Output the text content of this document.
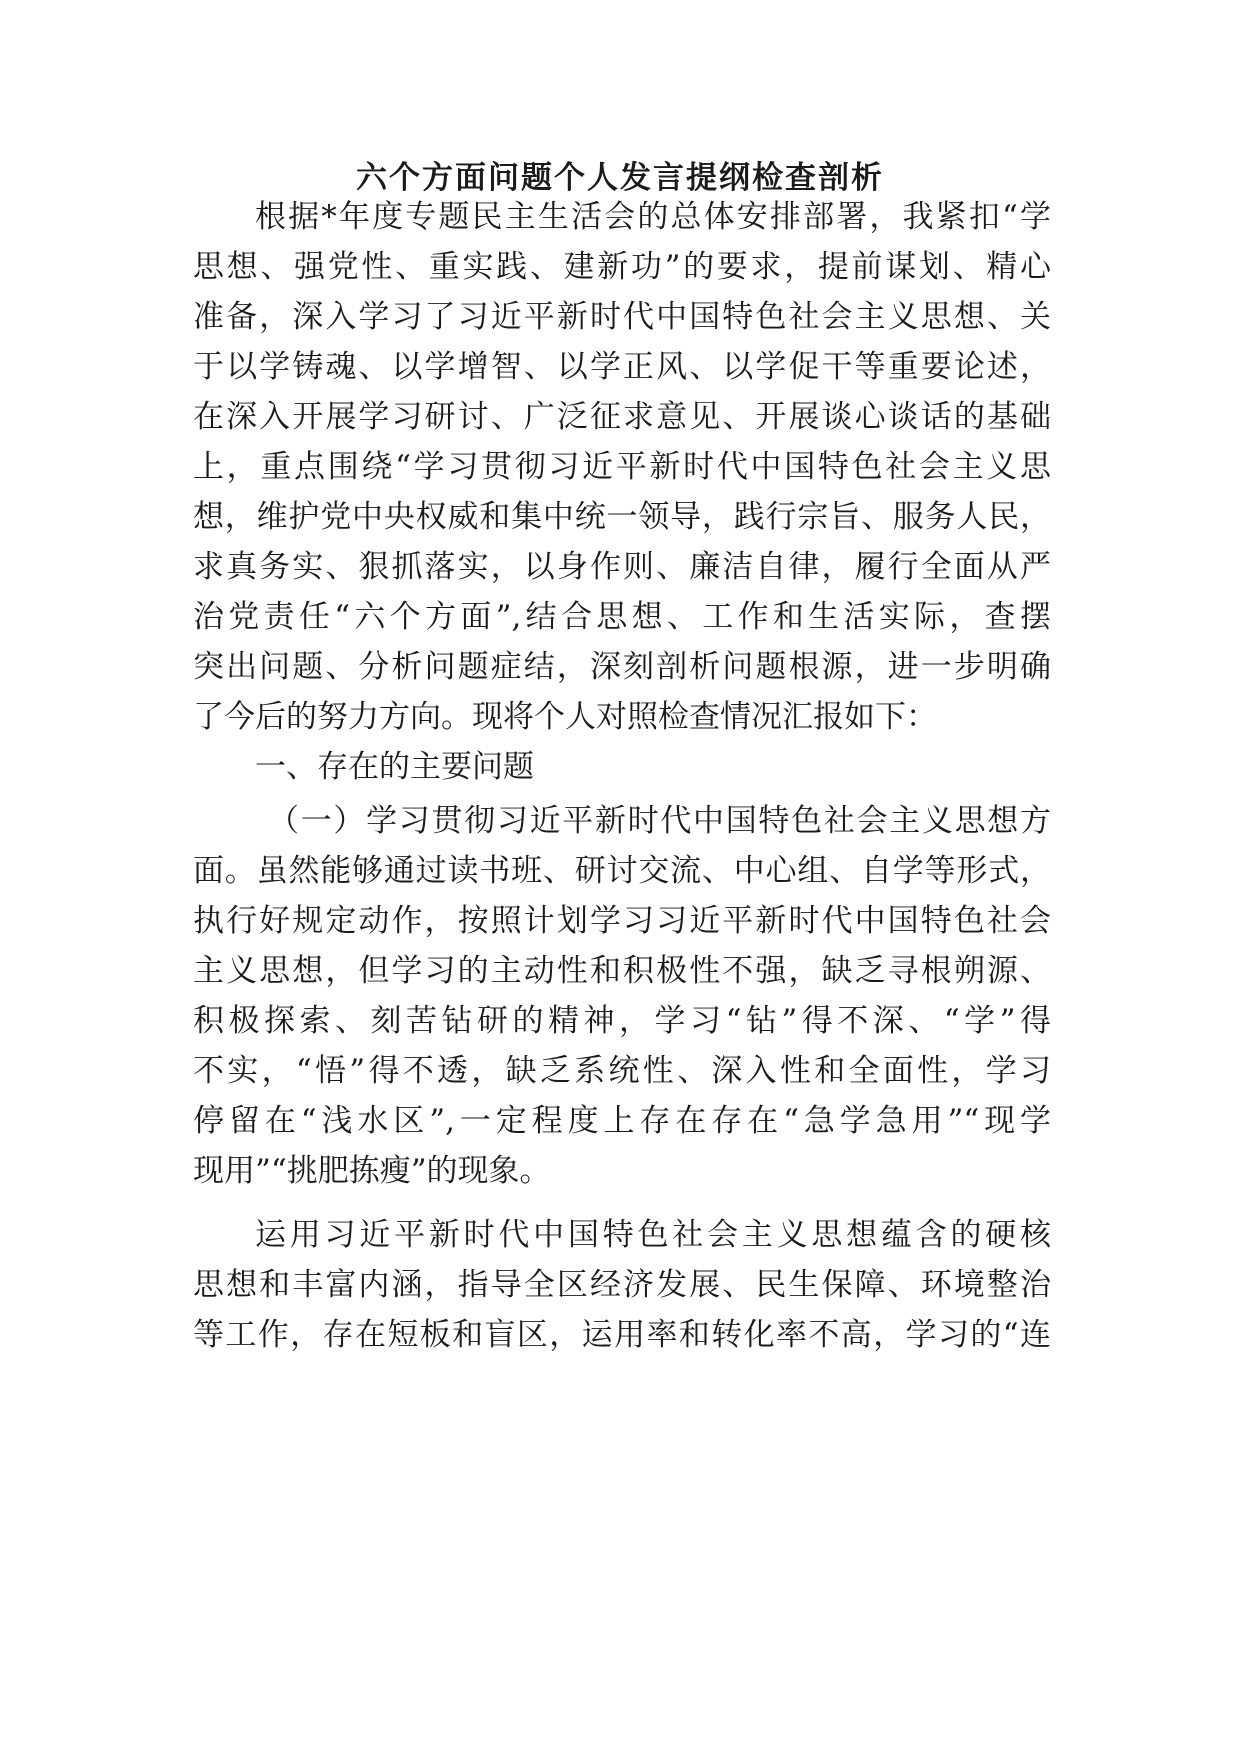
六个方面问题个人发言提纲检查剖析
根据*年度专题民主生活会的总体安排部署，我紧扣“学
思想、强党性、重实践、建新功”的要求，提前谋划、精心
准备，深入学习了习近平新时代中国特色社会主义思想、关
于以学铸魂、以学增智、以学正风、以学促干等重要论述，
在深入开展学习研讨、广泛征求意见、开展谈心谈话的基础
上，重点围绕“学习贯彻习近平新时代中国特色社会主义思
想，维护党中央权威和集中统一领导，践行宗旨、服务人民，
求真务实、狠抓落实，以身作则、廉洁自律，履行全面从严
治党责任“六个方面”,结合思想、工作和生活实际，查摆
突出问题、分析问题症结，深刻剖析问题根源，进一步明确
了今后的努力方向。现将个人对照检查情况汇报如下：
一、存在的主要问题
（一）学习贯彻习近平新时代中国特色社会主义思想方
面。虽然能够通过读书班、研讨交流、中心组、自学等形式，
执行好规定动作，按照计划学习习近平新时代中国特色社会
主义思想，但学习的主动性和积极性不强，缺乏寻根朔源、
积极探索、刻苦钻研的精神，学习“钻”得不深、“学”得
不实，“悟”得不透，缺乏系统性、深入性和全面性，学习
停留在“浅水区”,一定程度上存在存在“急学急用”“现学
现用”“挑肥拣瘦”的现象。
运用习近平新时代中国特色社会主义思想蕴含的硬核
思想和丰富内涵，指导全区经济发展、民生保障、环境整治
等工作，存在短板和盲区，运用率和转化率不高，学习的“连
